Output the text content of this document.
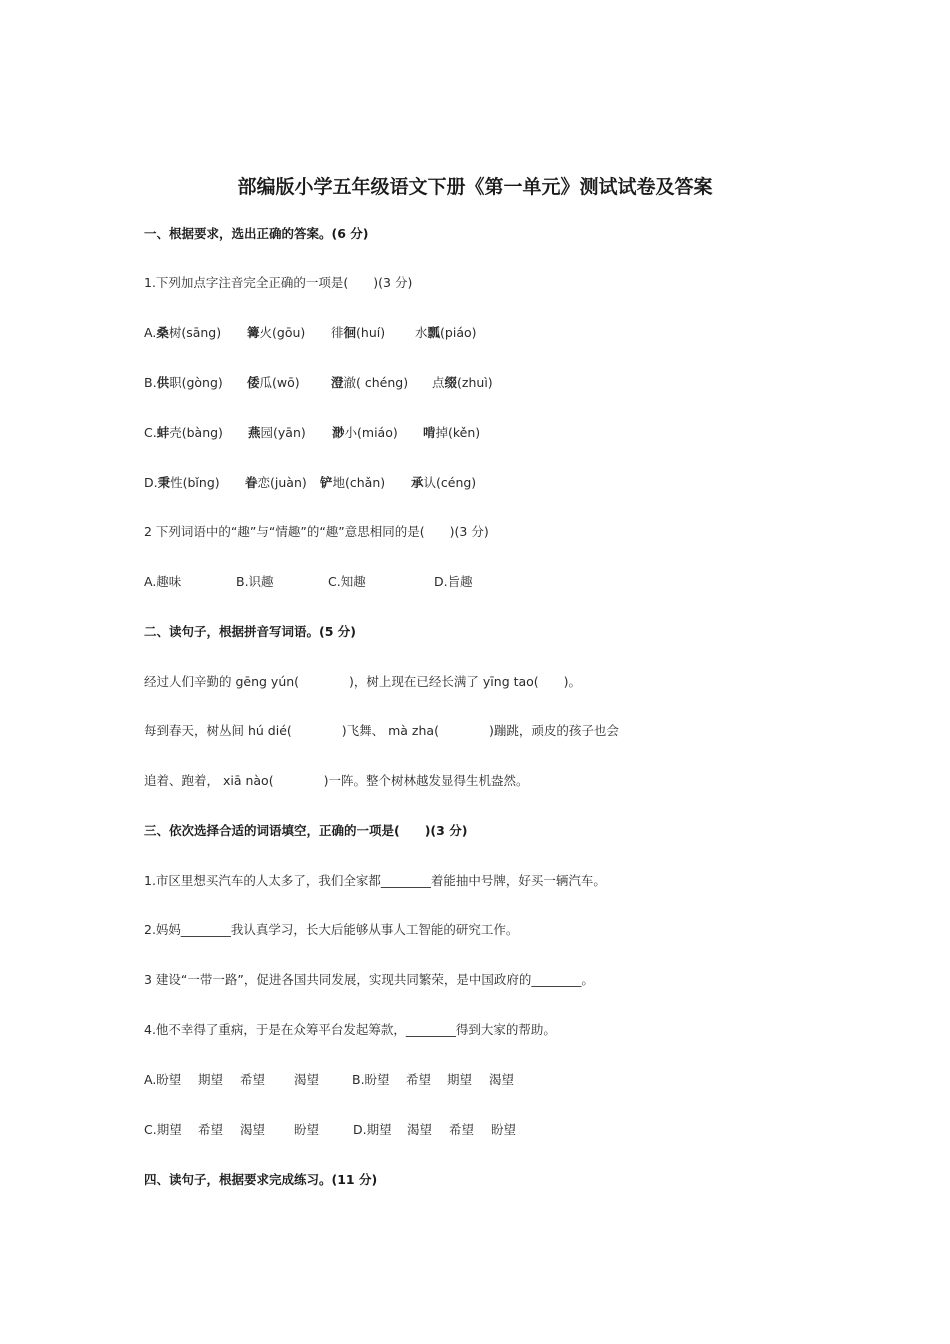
部编版小学五年级语文下册《第一单元》测试试卷及答案
一、根据要求，选出正确的答案。(6 分)
1.下列加点字注音完全正确的一项是(　　)(3 分)
A.桑树(sāng) 篝火(gōu) 徘徊(huí) 水瓢(piáo)
B.供职(gòng) 倭瓜(wō)	澄澈( chéng) 点缀(zhuì)
C.蚌壳(bàng) 燕园(yān) 渺小(miáo) 啃掉(kěn)
D.秉性(bǐng) 眷恋(juàn) 铲地(chǎn) 承认(céng)
2 下列词语中的“趣”与“情趣”的“趣”意思相同的是(　　)(3 分)
A.趣味	B.识趣	C.知趣	D.旨趣
二、读句子，根据拼音写词语。(5 分)
经过人们辛勤的 gēng yún(　　　　)，树上现在已经长满了 yīng tao(　　)。
每到春天，树丛间 hú dié(　　　　)飞舞、 mà zha(　　　　)蹦跳，顽皮的孩子也会
追着、跑着， xiā nào(　　　　)一阵。整个树林越发显得生机盎然。
三、依次选择合适的词语填空，正确的一项是(　　)(3 分)
1.市区里想买汽车的人太多了，我们全家都________着能抽中号牌，好买一辆汽车。
2.妈妈________我认真学习，长大后能够从事人工智能的研究工作。
3 建设“一带一路”，促进各国共同发展，实现共同繁荣，是中国政府的________。
4.他不幸得了重病，于是在众筹平台发起筹款，________得到大家的帮助。
A.盼望 期望 希望 渴望	B.盼望 希望 期望 渴望
C.期望 希望 渴望 盼望	D.期望 渴望 希望 盼望
四、读句子，根据要求完成练习。(11 分)
